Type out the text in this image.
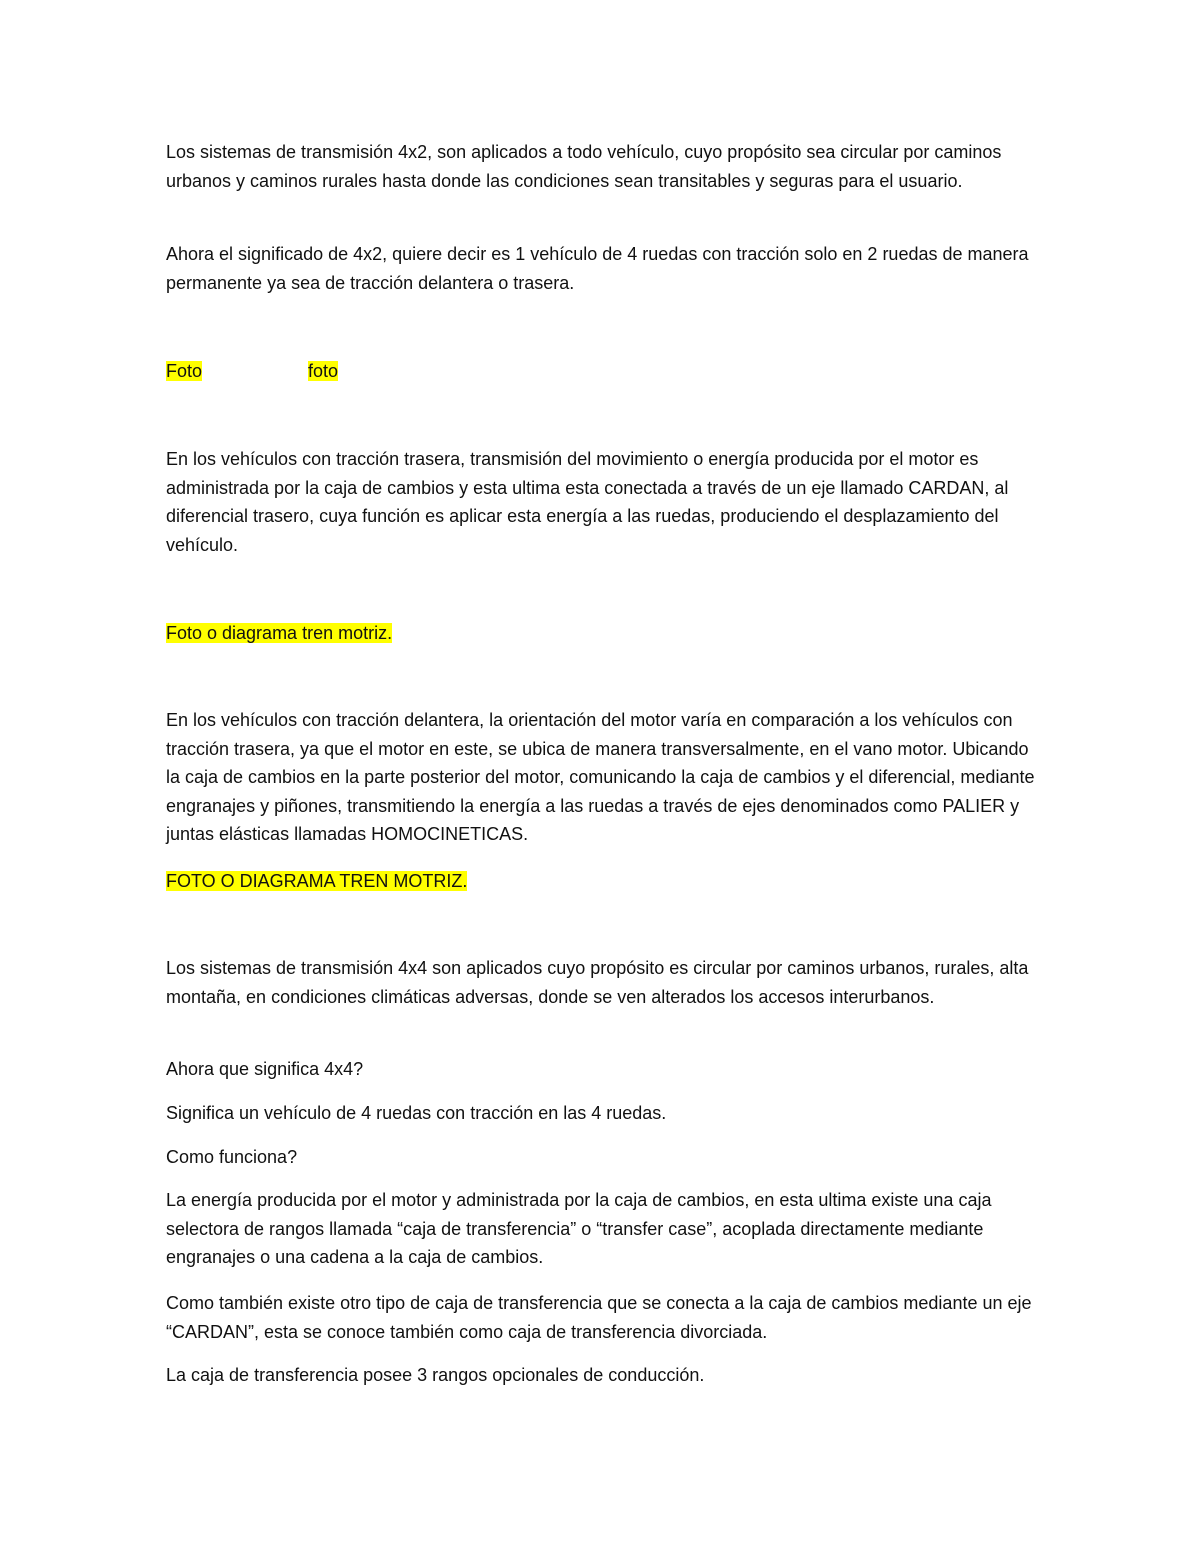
Los sistemas de transmisión 4x2, son aplicados a todo vehículo, cuyo propósito sea circular por caminos urbanos y caminos rurales hasta donde las condiciones sean transitables y seguras para el usuario.

Ahora el significado de 4x2, quiere decir es 1 vehículo de 4 ruedas con tracción solo en 2 ruedas de manera permanente ya sea de tracción delantera o trasera.

Foto	foto

En los vehículos con tracción trasera, transmisión del movimiento o energía producida por el motor es administrada por la caja de cambios y esta ultima esta conectada a través de un eje llamado CARDAN, al diferencial trasero, cuya función es aplicar esta energía a las ruedas, produciendo el desplazamiento del vehículo.

Foto o diagrama tren motriz.

En los vehículos con tracción delantera, la orientación del motor varía en comparación a los vehículos con tracción trasera, ya que el motor en este, se ubica de manera transversalmente, en el vano motor. Ubicando la caja de cambios en la parte posterior del motor, comunicando la caja de cambios y el diferencial, mediante engranajes y piñones, transmitiendo la energía a las ruedas a través de ejes denominados como PALIER y juntas elásticas llamadas HOMOCINETICAS.

FOTO O DIAGRAMA TREN MOTRIZ.

Los sistemas de transmisión 4x4 son aplicados cuyo propósito es circular por caminos urbanos, rurales, alta montaña, en condiciones climáticas adversas, donde se ven alterados los accesos interurbanos.

Ahora que significa 4x4?

Significa un vehículo de 4 ruedas con tracción en las 4 ruedas.

Como funciona?

La energía producida por el motor y administrada por la caja de cambios, en esta ultima existe una caja selectora de rangos llamada “caja de transferencia” o “transfer case”, acoplada directamente mediante engranajes o una cadena a la caja de cambios.

Como también existe otro tipo de caja de transferencia que se conecta a la caja de cambios mediante un eje “CARDAN”, esta se conoce también como caja de transferencia divorciada.

La caja de transferencia posee 3 rangos opcionales de conducción.
